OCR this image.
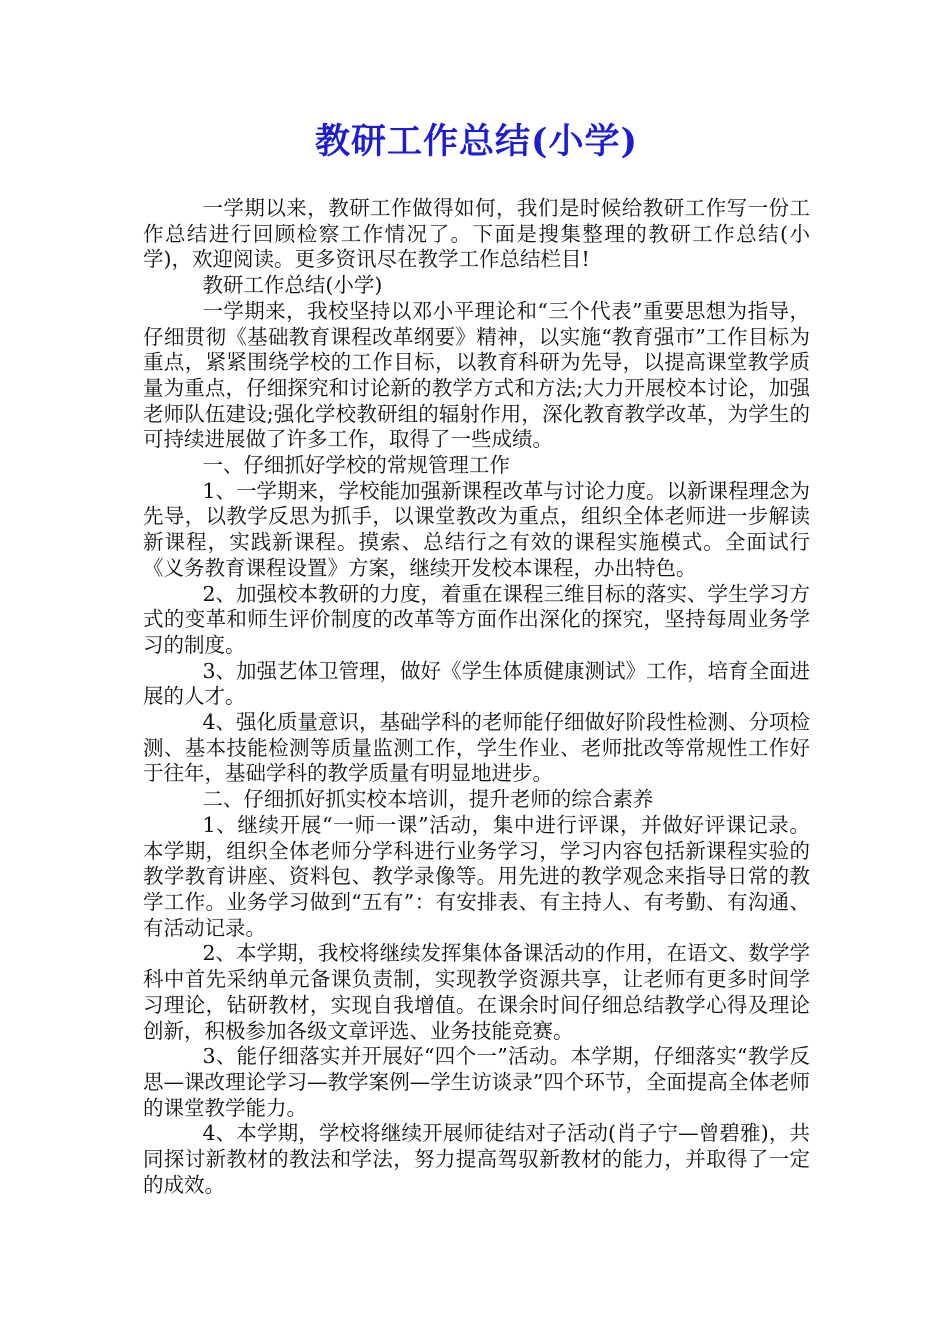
教研工作总结(小学)

一学期以来，教研工作做得如何，我们是时候给教研工作写一份工作总结进行回顾检察工作情况了。下面是搜集整理的教研工作总结(小学)，欢迎阅读。更多资讯尽在教学工作总结栏目!

教研工作总结(小学)

一学期来，我校坚持以邓小平理论和“三个代表”重要思想为指导，仔细贯彻《基础教育课程改革纲要》精神，以实施“教育强市”工作目标为重点，紧紧围绕学校的工作目标，以教育科研为先导，以提高课堂教学质量为重点，仔细探究和讨论新的教学方式和方法;大力开展校本讨论，加强老师队伍建设;强化学校教研组的辐射作用，深化教育教学改革，为学生的可持续进展做了许多工作，取得了一些成绩。

一、仔细抓好学校的常规管理工作

1、一学期来，学校能加强新课程改革与讨论力度。以新课程理念为先导，以教学反思为抓手，以课堂教改为重点，组织全体老师进一步解读新课程，实践新课程。摸索、总结行之有效的课程实施模式。全面试行《义务教育课程设置》方案，继续开发校本课程，办出特色。

2、加强校本教研的力度，着重在课程三维目标的落实、学生学习方式的变革和师生评价制度的改革等方面作出深化的探究，坚持每周业务学习的制度。

3、加强艺体卫管理，做好《学生体质健康测试》工作，培育全面进展的人才。

4、强化质量意识，基础学科的老师能仔细做好阶段性检测、分项检测、基本技能检测等质量监测工作，学生作业、老师批改等常规性工作好于往年，基础学科的教学质量有明显地进步。

二、仔细抓好抓实校本培训，提升老师的综合素养

1、继续开展“一师一课”活动，集中进行评课，并做好评课记录。本学期，组织全体老师分学科进行业务学习，学习内容包括新课程实验的教学教育讲座、资料包、教学录像等。用先进的教学观念来指导日常的教学工作。业务学习做到“五有”：有安排表、有主持人、有考勤、有沟通、有活动记录。

2、本学期，我校将继续发挥集体备课活动的作用，在语文、数学学科中首先采纳单元备课负责制，实现教学资源共享，让老师有更多时间学习理论，钻研教材，实现自我增值。在课余时间仔细总结教学心得及理论创新，积极参加各级文章评选、业务技能竞赛。

3、能仔细落实并开展好“四个一”活动。本学期，仔细落实“教学反思—课改理论学习—教学案例—学生访谈录”四个环节，全面提高全体老师的课堂教学能力。

4、本学期，学校将继续开展师徒结对子活动(肖子宁—曾碧雅)，共同探讨新教材的教法和学法，努力提高驾驭新教材的能力，并取得了一定的成效。
